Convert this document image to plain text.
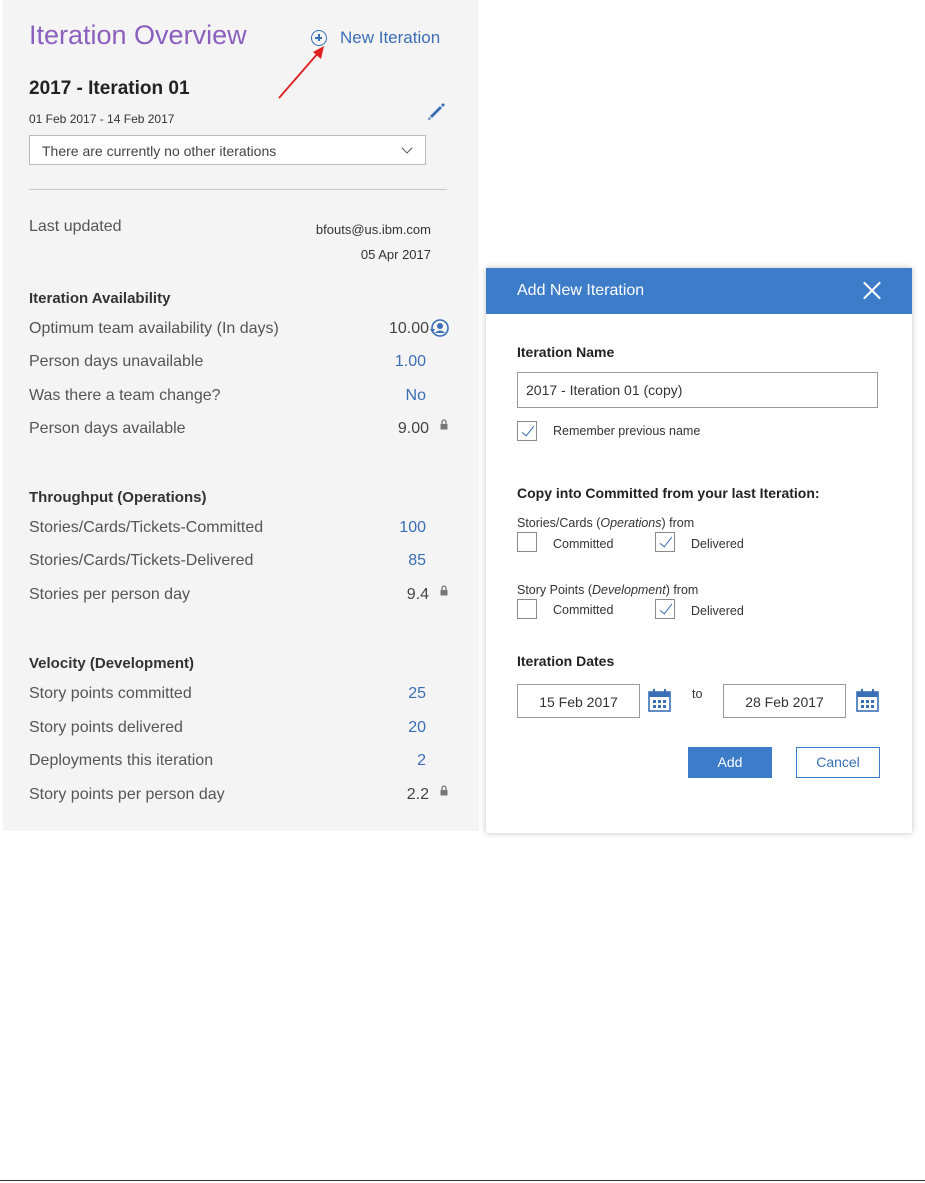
Iteration Overview	New Iteration
2017 - Iteration 01
01 Feb 2017 - 14 Feb 2017
There are currently no other iterations
Last updated	bfouts@us.ibm.com
05 Apr 2017
Iteration Availability
Optimum team availability (In days)	10.00
Person days unavailable	1.00
Was there a team change?	No
Person days available	9.00
Throughput (Operations)
Stories/Cards/Tickets-Committed	100
Stories/Cards/Tickets-Delivered	85
Stories per person day	9.4
Velocity (Development)
Story points committed	25
Story points delivered	20
Deployments this iteration	2
Story points per person day	2.2
Add New Iteration
Iteration Name
2017 - Iteration 01 (copy)
Remember previous name
Copy into Committed from your last Iteration:
Stories/Cards (Operations) from
Committed	Delivered
Story Points (Development) from
Committed	Delivered
Iteration Dates
15 Feb 2017	to	28 Feb 2017
Add	Cancel
